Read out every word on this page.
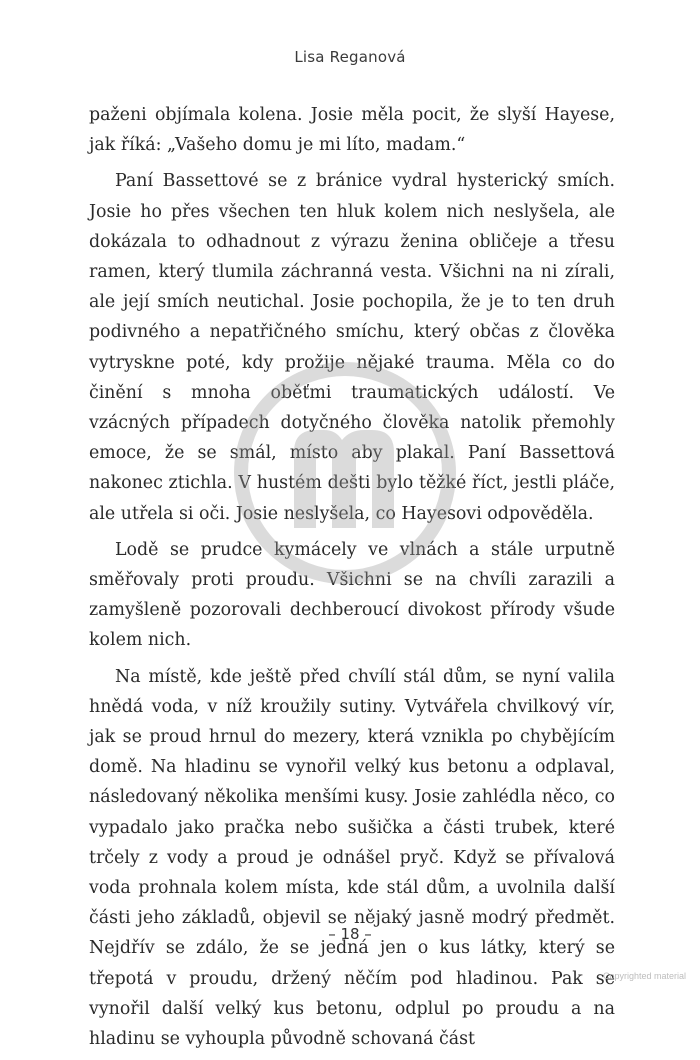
Lisa Reganová

paženi objímala kolena. Josie měla pocit, že slyší Hayese, jak říká: „Vašeho domu je mi líto, madam.“

Paní Bassettové se z bránice vydral hysterický smích. Josie ho přes všechen ten hluk kolem nich neslyšela, ale dokázala to odhadnout z výrazu ženina obličeje a třesu ramen, který tlumila záchranná vesta. Všichni na ni zírali, ale její smích neutichal. Josie pochopila, že je to ten druh podivného a nepatřičného smíchu, který občas z člověka vytryskne poté, kdy prožije nějaké trauma. Měla co do činění s mnoha oběťmi traumatických událostí. Ve vzácných případech dotyčného člověka natolik přemohly emoce, že se smál, místo aby plakal. Paní Bassettová nakonec ztichla. V hustém dešti bylo těžké říct, jestli pláče, ale utřela si oči. Josie neslyšela, co Hayesovi odpověděla.

Lodě se prudce kymácely ve vlnách a stále urputně směřovaly proti proudu. Všichni se na chvíli zarazili a zamyšleně pozorovali dechberoucí divokost přírody všude kolem nich.

Na místě, kde ještě před chvílí stál dům, se nyní valila hnědá voda, v níž kroužily sutiny. Vytvářela chvilkový vír, jak se proud hrnul do mezery, která vznikla po chybějícím domě. Na hladinu se vynořil velký kus betonu a odplaval, následovaný několika menšími kusy. Josie zahlédla něco, co vypadalo jako pračka nebo sušička a části trubek, které trčely z vody a proud je odnášel pryč. Když se přívalová voda prohnala kolem místa, kde stál dům, a uvolnila další části jeho základů, objevil se nějaký jasně modrý předmět. Nejdřív se zdálo, že se jedná jen o kus látky, který se třepotá v proudu, držený něčím pod hladinou. Pak se vynořil další velký kus betonu, odplul po proudu a na hladinu se vyhoupla původně schovaná část

– 18 –
Copyrighted material
